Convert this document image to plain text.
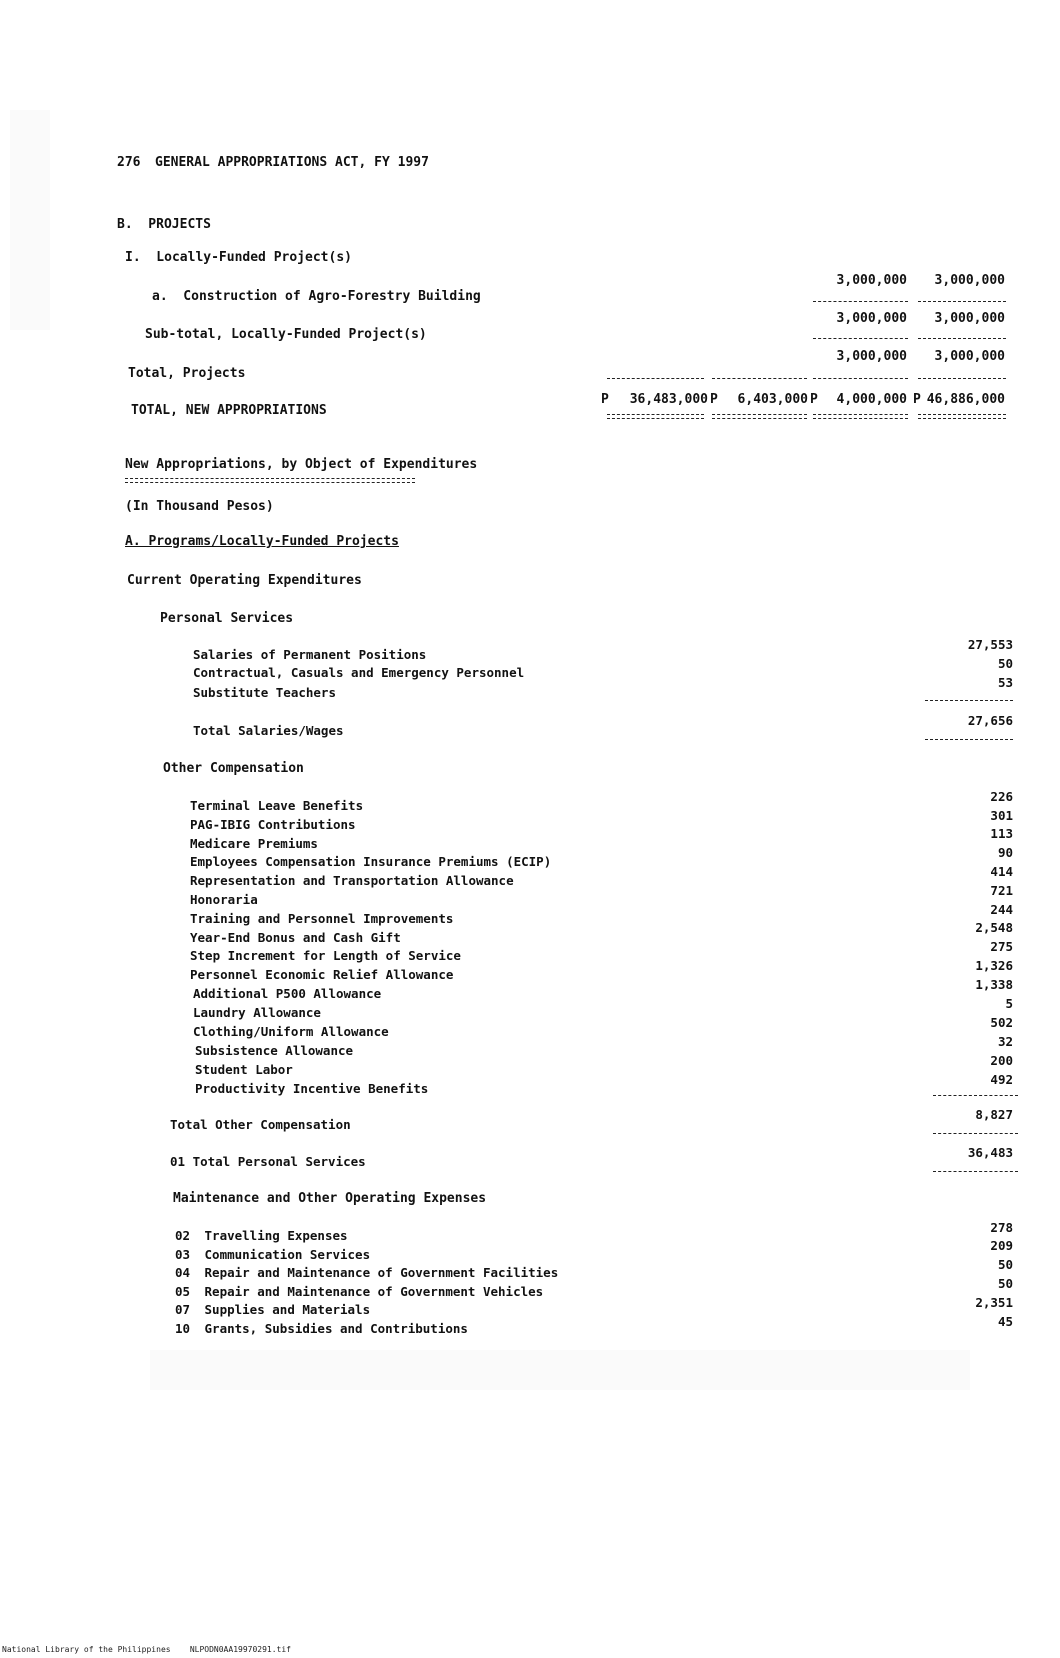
276 GENERAL APPROPRIATIONS ACT, FY 1997
B.  PROJECTS
I.  Locally-Funded Project(s)
3,000,000 3,000,000
a.  Construction of Agro-Forestry Building
3,000,000 3,000,000
Sub-total, Locally-Funded Project(s)
3,000,000 3,000,000
Total, Projects
P 36,483,000 P 6,403,000 P 4,000,000 P 46,886,000
TOTAL, NEW APPROPRIATIONS
New Appropriations, by Object of Expenditures
(In Thousand Pesos)
A. Programs/Locally-Funded Projects
Current Operating Expenditures
Personal Services
Salaries of Permanent Positions
27,553
Contractual, Casuals and Emergency Personnel
50
Substitute Teachers
53
27,656
Total Salaries/Wages
Other Compensation
Terminal Leave Benefits
226
PAG-IBIG Contributions
301
Medicare Premiums
113
Employees Compensation Insurance Premiums (ECIP)
90
Representation and Transportation Allowance
414
Honoraria
721
Training and Personnel Improvements
244
Year-End Bonus and Cash Gift
2,548
Step Increment for Length of Service
275
Personnel Economic Relief Allowance
1,326
Additional P500 Allowance
1,338
Laundry Allowance
5
Clothing/Uniform Allowance
502
Subsistence Allowance
32
Student Labor
200
Productivity Incentive Benefits
492
8,827
Total Other Compensation
36,483
01 Total Personal Services
Maintenance and Other Operating Expenses
02 Travelling Expenses
278
03 Communication Services
209
04 Repair and Maintenance of Government Facilities
50
05 Repair and Maintenance of Government Vehicles
50
07 Supplies and Materials	2,351
10 Grants, Subsidies and Contributions	45
National Library of the Philippines NLPODN0AA19970291.tif
